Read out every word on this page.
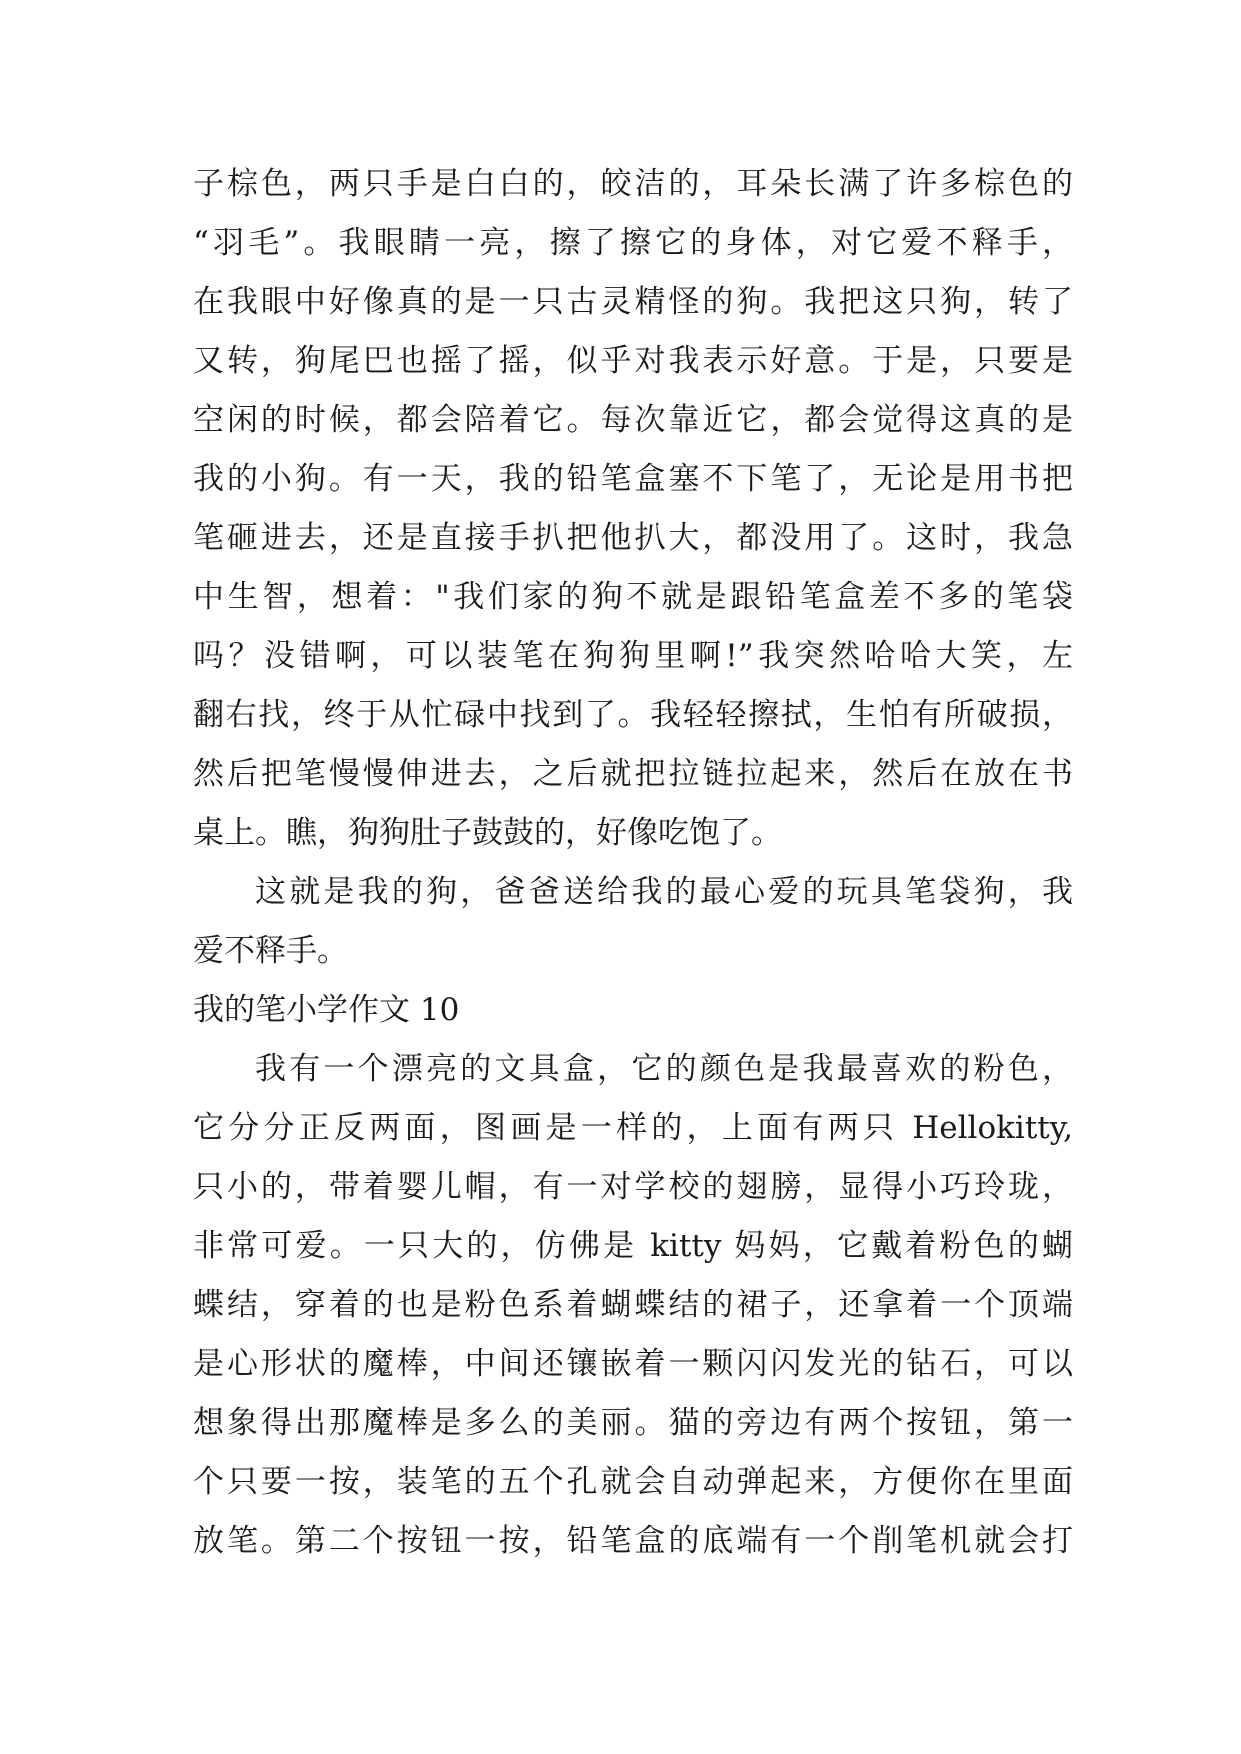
子棕色，两只手是白白的，皎洁的，耳朵长满了许多棕色的
“羽毛”。我眼睛一亮，擦了擦它的身体，对它爱不释手，
在我眼中好像真的是一只古灵精怪的狗。我把这只狗，转了
又转，狗尾巴也摇了摇，似乎对我表示好意。于是，只要是
空闲的时候，都会陪着它。每次靠近它，都会觉得这真的是
我的小狗。有一天，我的铅笔盒塞不下笔了，无论是用书把
笔砸进去，还是直接手扒把他扒大，都没用了。这时，我急
中生智，想着："我们家的狗不就是跟铅笔盒差不多的笔袋
吗？没错啊，可以装笔在狗狗里啊!”我突然哈哈大笑，左
翻右找，终于从忙碌中找到了。我轻轻擦拭，生怕有所破损，
然后把笔慢慢伸进去，之后就把拉链拉起来，然后在放在书
桌上。瞧，狗狗肚子鼓鼓的，好像吃饱了。
这就是我的狗，爸爸送给我的最心爱的玩具笔袋狗，我
爱不释手。
我的笔小学作文 10
我有一个漂亮的文具盒，它的颜色是我最喜欢的粉色，
它分分正反两面，图画是一样的，上面有两只 Hellokitty,
只小的，带着婴儿帽，有一对学校的翅膀，显得小巧玲珑，
非常可爱。一只大的，仿佛是 kitty 妈妈，它戴着粉色的蝴
蝶结，穿着的也是粉色系着蝴蝶结的裙子，还拿着一个顶端
是心形状的魔棒，中间还镶嵌着一颗闪闪发光的钻石，可以
想象得出那魔棒是多么的美丽。猫的旁边有两个按钮，第一
个只要一按，装笔的五个孔就会自动弹起来，方便你在里面
放笔。第二个按钮一按，铅笔盒的底端有一个削笔机就会打
